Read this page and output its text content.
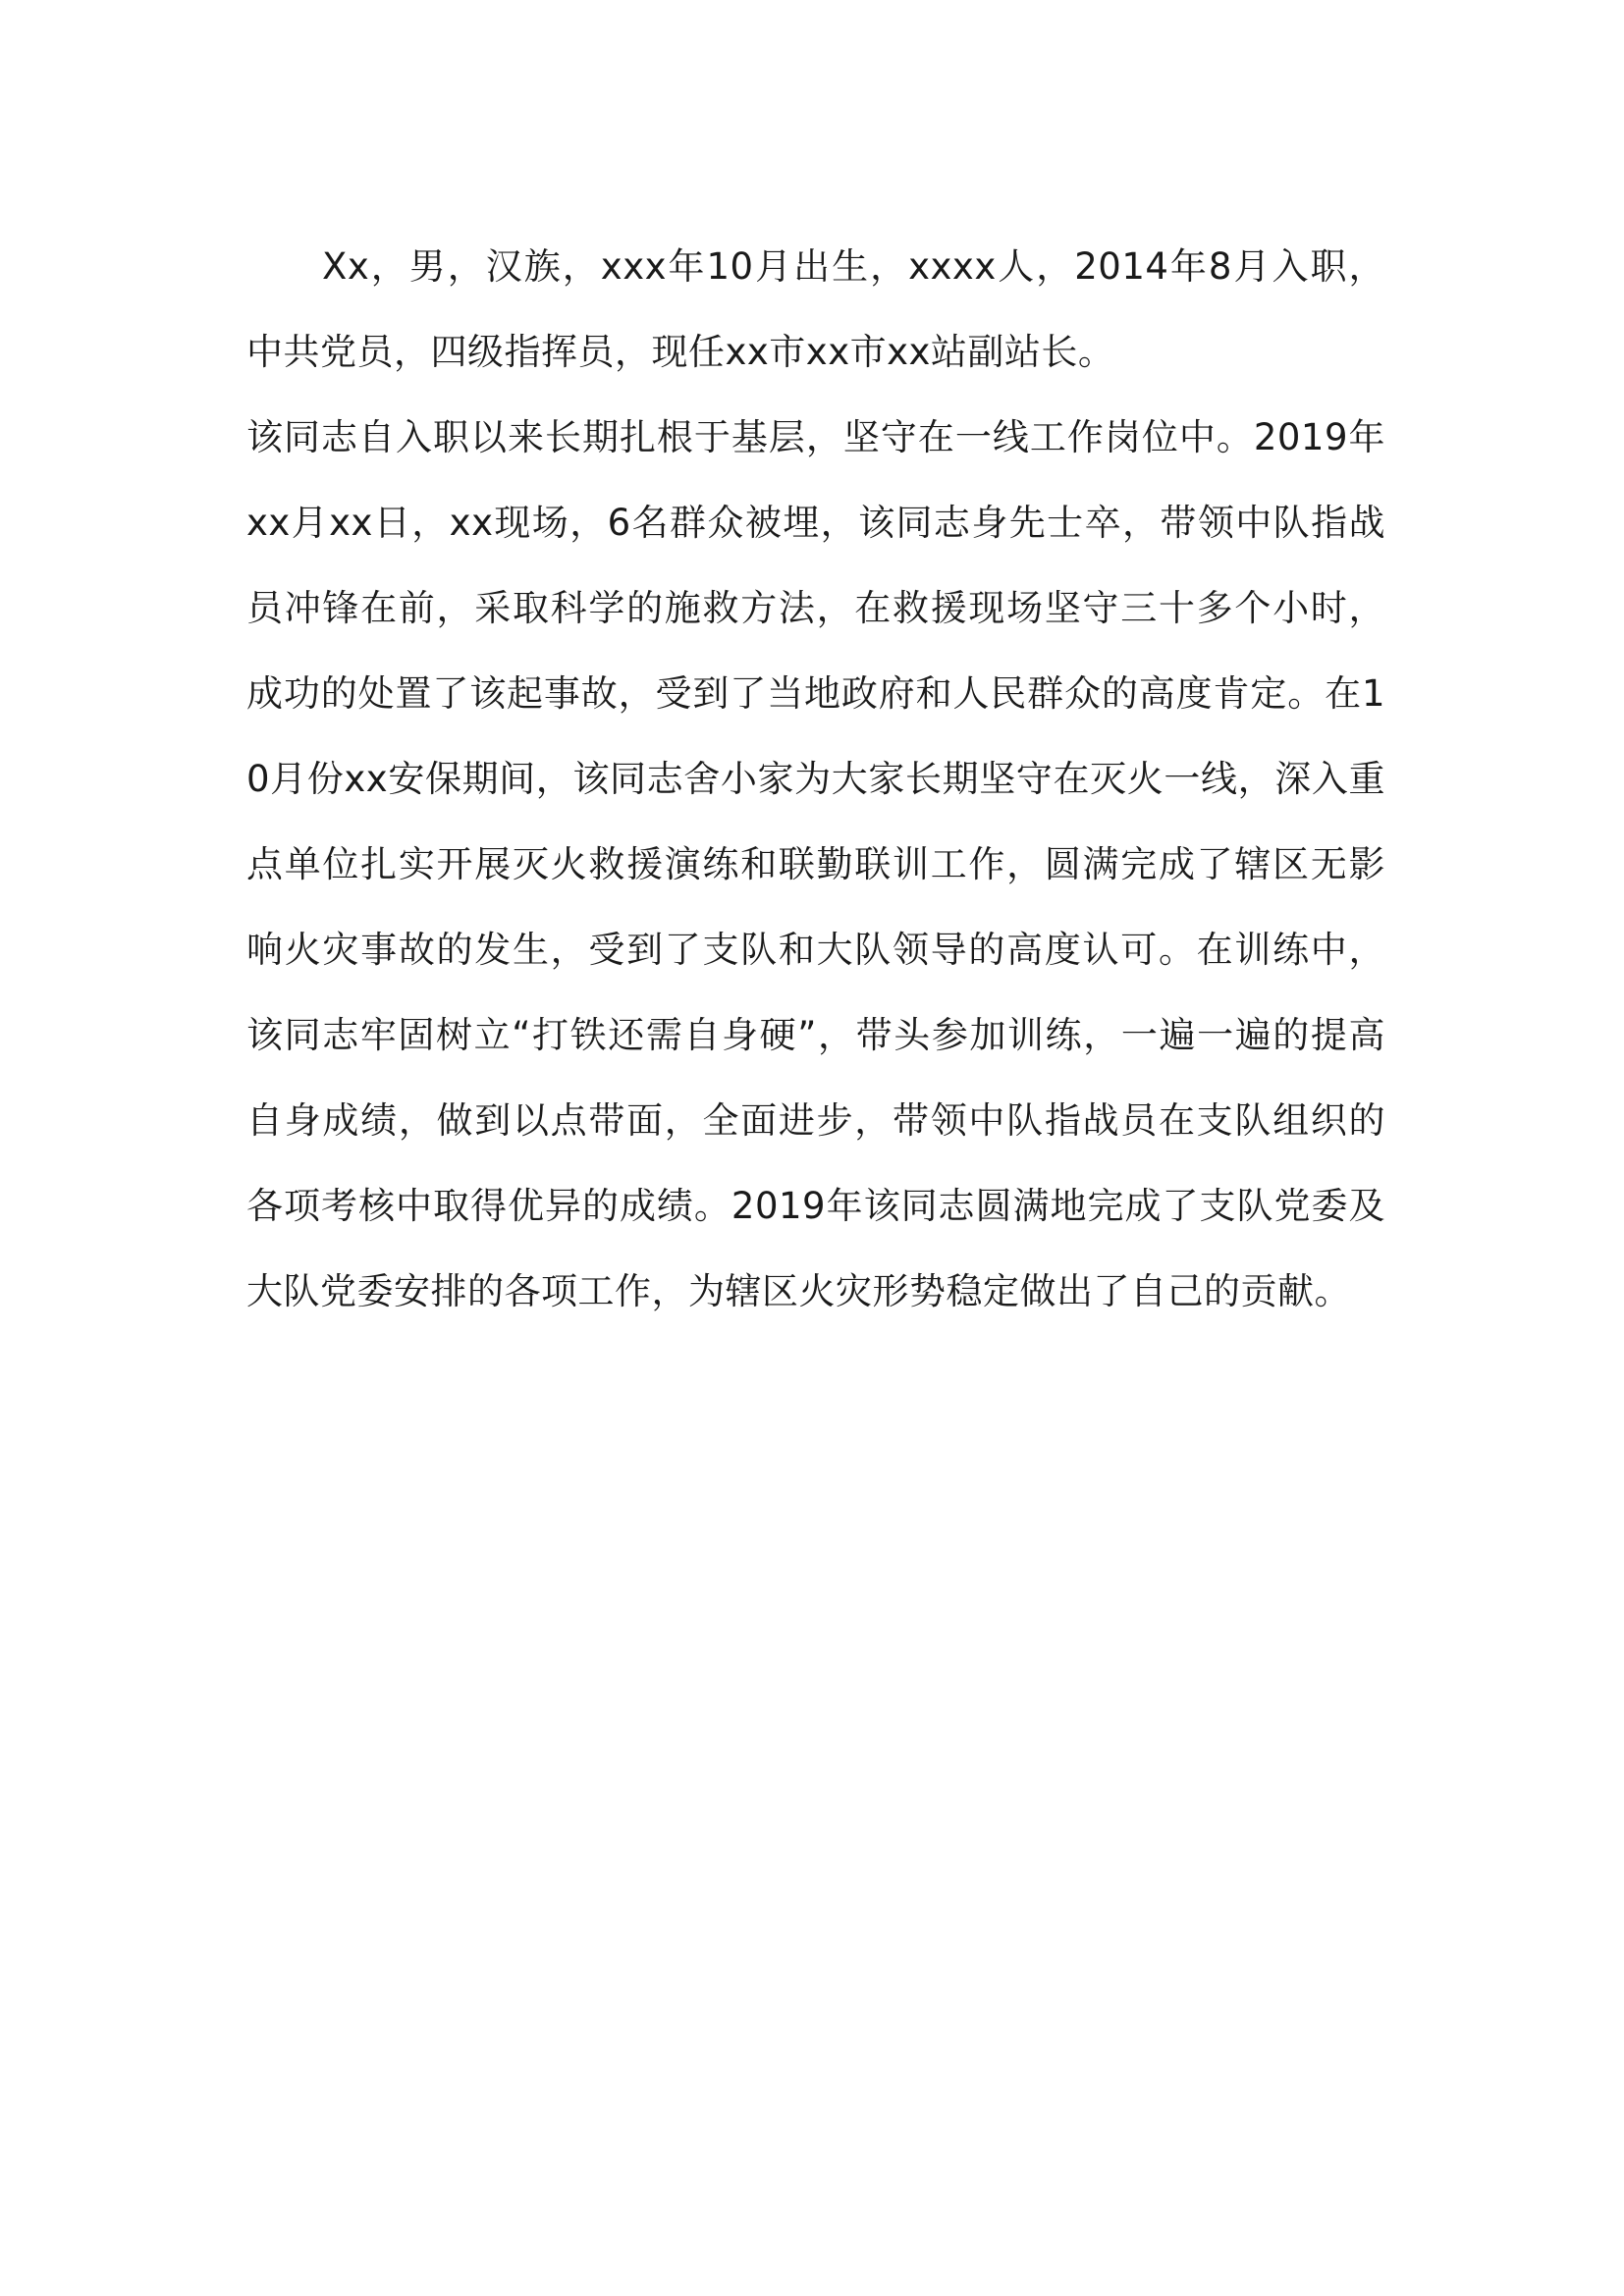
Xx，男，汉族，xxx年10月出生，xxxx人，2014年8月入职，中共党员，四级指挥员，现任xx市xx市xx站副站长。

该同志自入职以来长期扎根于基层，坚守在一线工作岗位中。2019年xx月xx日，xx现场，6名群众被埋，该同志身先士卒，带领中队指战员冲锋在前，采取科学的施救方法，在救援现场坚守三十多个小时，成功的处置了该起事故，受到了当地政府和人民群众的高度肯定。在10月份xx安保期间，该同志舍小家为大家长期坚守在灭火一线，深入重点单位扎实开展灭火救援演练和联勤联训工作，圆满完成了辖区无影响火灾事故的发生，受到了支队和大队领导的高度认可。在训练中，该同志牢固树立“打铁还需自身硬”，带头参加训练，一遍一遍的提高自身成绩，做到以点带面，全面进步，带领中队指战员在支队组织的各项考核中取得优异的成绩。2019年该同志圆满地完成了支队党委及大队党委安排的各项工作，为辖区火灾形势稳定做出了自己的贡献。
